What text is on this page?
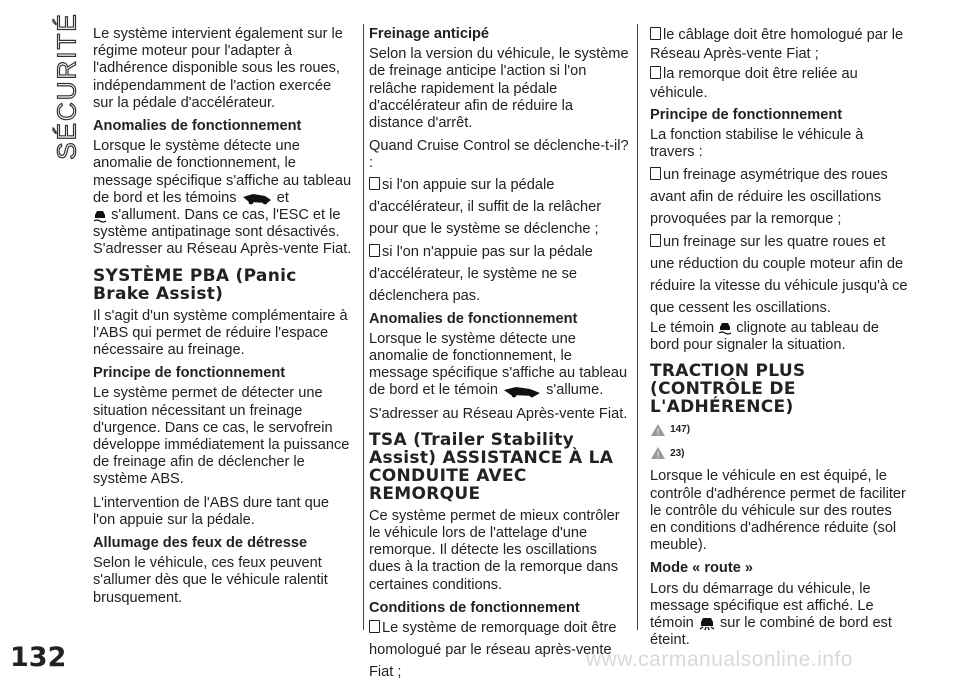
SÉCURITÉ Le système intervient également sur le régime moteur pour l'adapter à l'adhérence disponible sous les roues, indépendamment de l'action exercée sur la pédale d'accélérateur.

Anomalies de fonctionnement

Lorsque le système détecte une anomalie de fonctionnement, le message spécifique s'affiche au tableau de bord et les témoins	et
s'allument. Dans ce cas, l'ESC et le système antipatinage sont désactivés. S'adresser au Réseau Après-vente Fiat.

SYSTÈME PBA (Panic Brake Assist)

Il s'agit d'un système complémentaire à l'ABS qui permet de réduire l'espace nécessaire au freinage.

Principe de fonctionnement

Le système permet de détecter une situation nécessitant un freinage d'urgence. Dans ce cas, le servofrein développe immédiatement la puissance de freinage afin de déclencher le système ABS.

L'intervention de l'ABS dure tant que l'on appuie sur la pédale.

Allumage des feux de détresse

Selon le véhicule, ces feux peuvent s'allumer dès que le véhicule ralentit brusquement.

Freinage anticipé

Selon la version du véhicule, le système de freinage anticipe l'action si l'on relâche rapidement la pédale d'accélérateur afin de réduire la distance d'arrêt.

Quand Cruise Control se déclenche-t-il? :

si l'on appuie sur la pédale d'accélérateur, il suffit de la relâcher pour que le système se déclenche ;
si l'on n'appuie pas sur la pédale d'accélérateur, le système ne se déclenchera pas.
Anomalies de fonctionnement

Lorsque le système détecte une anomalie de fonctionnement, le message spécifique s'affiche au tableau de bord et le témoin	s'allume.

S'adresser au Réseau Après-vente Fiat.

TSA (Trailer Stability Assist) ASSISTANCE À LA CONDUITE AVEC REMORQUE

Ce système permet de mieux contrôler le véhicule lors de l'attelage d'une remorque. Il détecte les oscillations dues à la traction de la remorque dans certaines conditions.

Conditions de fonctionnement
Le système de remorquage doit être homologué par le réseau après-vente Fiat ;
le câblage doit être homologué par le Réseau Après-vente Fiat ;
la remorque doit être reliée au véhicule.
Principe de fonctionnement

La fonction stabilise le véhicule à travers :

un freinage asymétrique des roues avant afin de réduire les oscillations provoquées par la remorque ;
un freinage sur les quatre roues et une réduction du couple moteur afin de réduire la vitesse du véhicule jusqu'à ce que cessent les oscillations.

Le témoin clignote au tableau de bord pour signaler la situation.

TRACTION PLUS (CONTRÔLE DE L'ADHÉRENCE)
! 147)
! 23)

Lorsque le véhicule en est équipé, le contrôle d'adhérence permet de faciliter le contrôle du véhicule sur des routes en conditions d'adhérence réduite (sol meuble).

Mode « route »

Lors du démarrage du véhicule, le message spécifique est affiché. Le témoin sur le combiné de bord est éteint.

132	www.carmanualsonline.info
